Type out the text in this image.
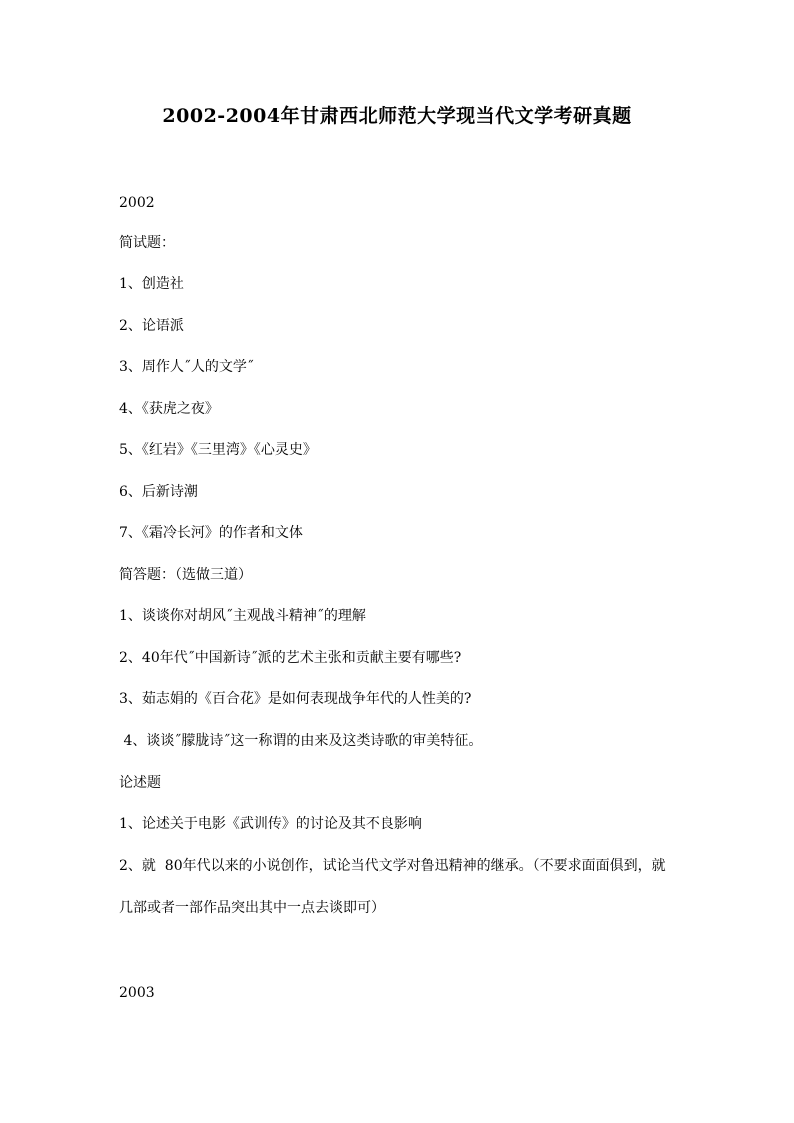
2002-2004年甘肃西北师范大学现当代文学考研真题

2002

简试题：

1、创造社

2、论语派

3、周作人˝人的文学˝

4、《获虎之夜》

5、《红岩》《三里湾》《心灵史》

6、后新诗潮

7、《霜冷长河》的作者和文体

简答题：（选做三道）

1、谈谈你对胡风˝主观战斗精神˝的理解

2、40年代˝中国新诗˝派的艺术主张和贡献主要有哪些?

3、茹志娟的《百合花》是如何表现战争年代的人性美的?

4、谈谈˝朦胧诗˝这一称谓的由来及这类诗歌的审美特征。

论述题

1、论述关于电影《武训传》的讨论及其不良影响

2、就  80年代以来的小说创作，试论当代文学对鲁迅精神的继承。（不要求面面俱到，就

几部或者一部作品突出其中一点去谈即可）

2003
